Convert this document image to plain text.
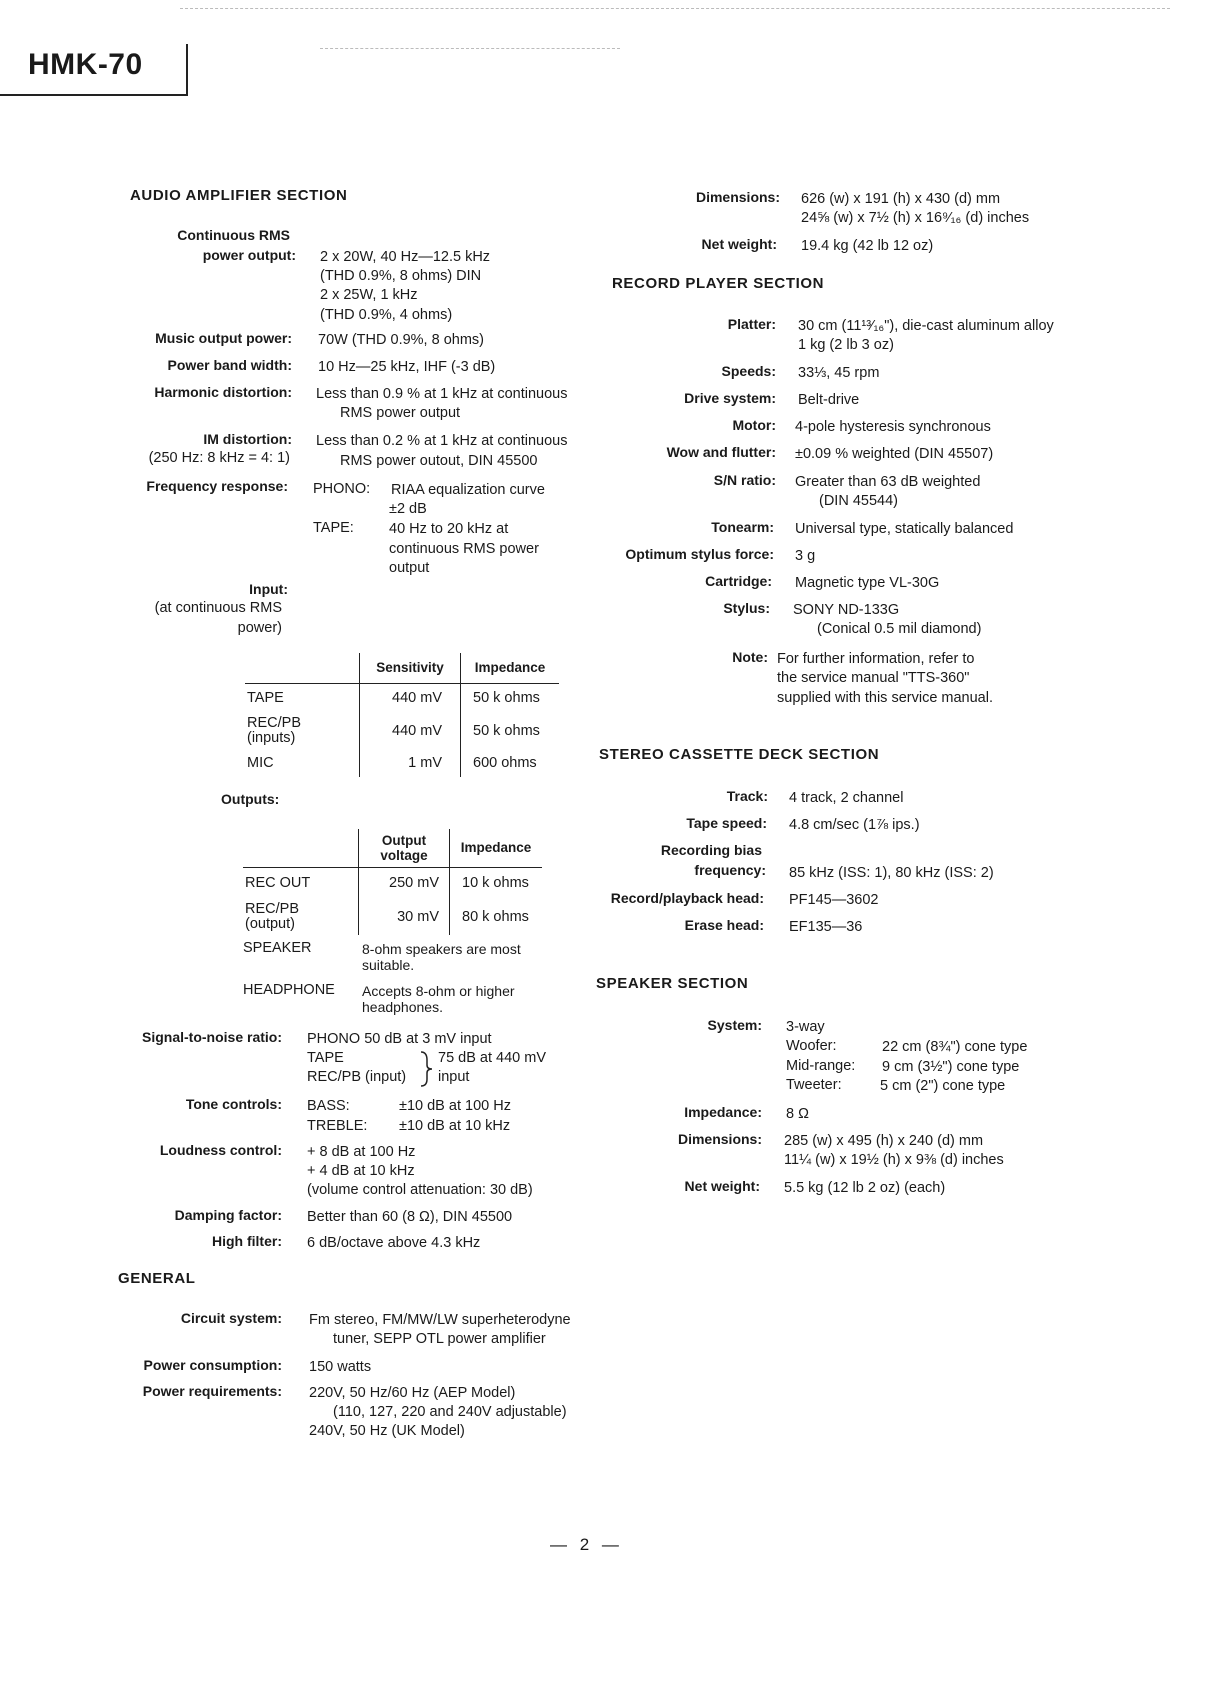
HMK-70
AUDIO AMPLIFIER SECTION
Continuous RMS
power output: 2 x 20W, 40 Hz—12.5 kHz
(THD 0.9%, 8 ohms) DIN
2 x 25W, 1 kHz
(THD 0.9%, 4 ohms)
Music output power: 70W (THD 0.9%, 8 ohms)
Power band width: 10 Hz—25 kHz, IHF (-3 dB)
Harmonic distortion: Less than 0.9 % at 1 kHz at continuous
RMS power output
IM distortion:
(250 Hz: 8 kHz = 4: 1)
Less than 0.2 % at 1 kHz at continuous
RMS power outout, DIN 45500
Frequency response: PHONO: RIAA equalization curve
±2 dB
TAPE: 40 Hz to 20 kHz at
continuous RMS power
output
Input:
(at continuous RMS
power)
	Sensitivity	Impedance
TAPE	440 mV	50 k ohms

REC/PB
(inputs)	440 mV	50 k ohms
MIC	1 mV	600 ohms
Outputs:

	Output
voltage	Impedance
REC OUT	250 mV	10 k ohms

REC/PB
(output)	30 mV	80 k ohms
SPEAKER	8-ohm speakers are most
suitable.
HEADPHONE Accepts 8-ohm or higher
headphones.
Signal-to-noise ratio: PHONO 50 dB at 3 mV input
TAPE
REC/PB (input)
75 dB at 440 mV
input
Tone controls: BASS:	±10 dB at 100 Hz
TREBLE: ±10 dB at 10 kHz
Loudness control: + 8 dB at 100 Hz
+ 4 dB at 10 kHz
(volume control attenuation: 30 dB)
Damping factor: Better than 60 (8 Ω), DIN 45500
High filter: 6 dB/octave above 4.3 kHz
GENERAL
Circuit system: Fm stereo, FM/MW/LW superheterodyne
tuner, SEPP OTL power amplifier
Power consumption: 150 watts
Power requirements: 220V, 50 Hz/60 Hz (AEP Model)
(110, 127, 220 and 240V adjustable)
240V, 50 Hz (UK Model)
Dimensions: 626 (w) x 191 (h) x 430 (d) mm
24⅝ (w) x 7½ (h) x 16⁹⁄₁₆ (d) inches
Net weight: 19.4 kg (42 lb 12 oz)
RECORD PLAYER SECTION
Platter: 30 cm (11¹³⁄₁₆"), die-cast aluminum alloy
1 kg (2 lb 3 oz)
Speeds: 33⅓, 45 rpm
Drive system: Belt-drive
Motor: 4-pole hysteresis synchronous
Wow and flutter: ±0.09 % weighted (DIN 45507)
S/N ratio: Greater than 63 dB weighted
(DIN 45544)
Tonearm: Universal type, statically balanced
Optimum stylus force: 3 g
Cartridge: Magnetic type VL-30G
Stylus: SONY ND-133G
(Conical 0.5 mil diamond)
Note: For further information, refer to
the service manual "TTS-360"
supplied with this service manual.
STEREO CASSETTE DECK SECTION
Track: 4 track, 2 channel
Tape speed: 4.8 cm/sec (1⅞ ips.)
Recording bias
frequency: 85 kHz (ISS: 1), 80 kHz (ISS: 2)
Record/playback head: PF145—3602
Erase head: EF135—36
SPEAKER SECTION
System: 3-way
Woofer:	22 cm (8¾") cone type
Mid-range: 9 cm (3½") cone type
Tweeter:	5 cm (2") cone type
Impedance: 8 Ω
Dimensions: 285 (w) x 495 (h) x 240 (d) mm
11¼ (w) x 19½ (h) x 9⅜ (d) inches
Net weight: 5.5 kg (12 lb 2 oz) (each)
— 2 —
